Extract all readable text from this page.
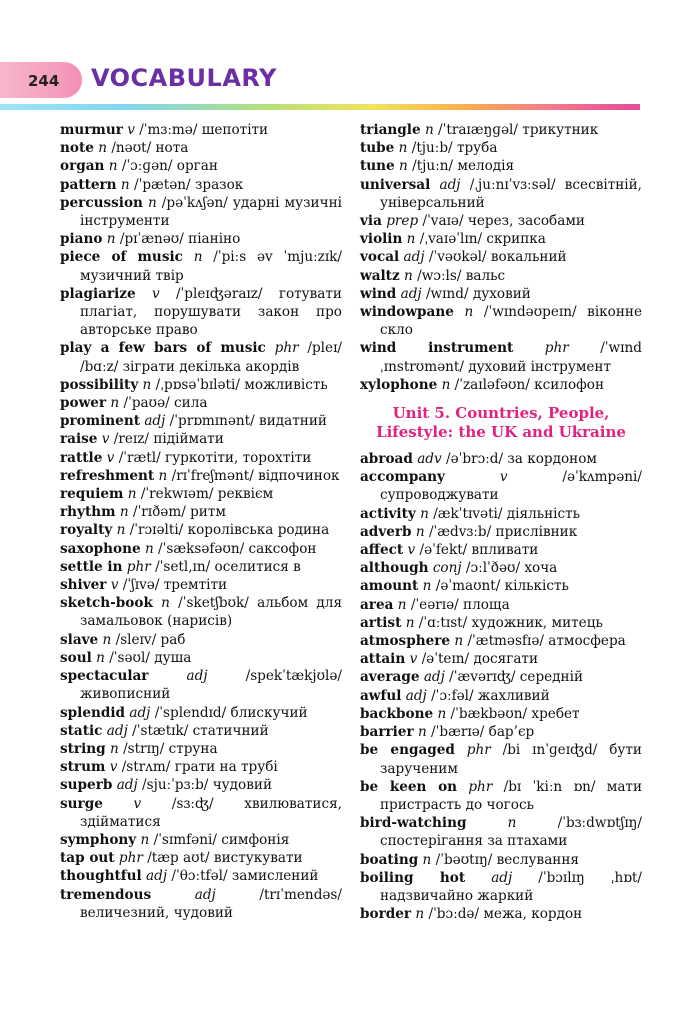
244 VOCABULARY
murmur v /ˈmɜːmə/ шепотіти
note n /nəʊt/ нота
organ n /ˈɔːɡən/ орган
pattern n /ˈpætən/ зразок
percussion n /pəˈkʌʃən/ ударні музичні інструменти
piano n /pɪˈænəʊ/ піаніно
piece of music n /ˈpiːs əv ˈmjuːzɪk/ музичний твір
plagiarize v /ˈpleɪʤəraɪz/ готувати плагіат, порушувати закон про авторське право
play a few bars of music phr /pleɪ/ /bɑːz/ зіграти декілька акордів
possibility n /ˌpɒsəˈbɪləti/ можливість
power n /ˈpaʊə/ сила
prominent adj /ˈprɒmɪnənt/ видатний
raise v /reɪz/ підіймати
rattle v /ˈrætl/ гуркотіти, торохтіти
refreshment n /rɪˈfreʃmənt/ відпочинок
requiem n /ˈrekwɪəm/ реквієм
rhythm n /ˈrɪðəm/ ритм
royalty n /ˈrɔɪəlti/ королівська родина
saxophone n /ˈsæksəfəʊn/ саксофон
settle in phr /ˈsetl,ɪn/ оселитися в
shiver v /ˈʃɪvə/ тремтіти
sketch-book n /ˈsketʃbʊk/ альбом для замальовок (нарисів)
slave n /sleɪv/ раб
soul n /ˈsəʊl/ душа
spectacular	adj	/spekˈtækjʊlə/ живописний
splendid adj /ˈsplendɪd/ блискучий
static adj /ˈstætɪk/ статичний
string n /strɪŋ/ струна
strum v /strʌm/ грати на трубі
superb adj /sjuːˈpɜːb/ чудовий
surge v /sɜːʤ/ хвилюватися, здійматися
symphony n /ˈsɪmfəni/ симфонія
tap out phr /tæp aʊt/ вистукувати
thoughtful adj /ˈθɔːtfəl/ замислений
tremendous	adj	/trɪˈmendəs/ величезний, чудовий
triangle n /ˈtraɪæŋɡəl/ трикутник
tube n /tjuːb/ труба
tune n /tjuːn/ мелодія
universal adj /ˌjuːnɪˈvɜːsəl/ всесвітній, універсальний
via prep /ˈvaɪə/ через, засобами
violin n /ˌvaɪəˈlɪn/ скрипка
vocal adj /ˈvəʊkəl/ вокальний
waltz n /wɔːls/ вальс
wind adj /wɪnd/ духовий
windowpane n /ˈwɪndəʊpeɪn/ віконне скло
wind instrument phr /ˈwɪnd ˌɪnstrʊmənt/ духовий інструмент
xylophone n /ˈzaɪləfəʊn/ ксилофон
Unit 5. Countries, People, Lifestyle: the UK and Ukraine
abroad adv /əˈbrɔːd/ за кордоном
accompany	v	/əˈkʌmpəni/ супроводжувати
activity n /ækˈtɪvəti/ діяльність
adverb n /ˈædvɜːb/ прислівник
affect v /əˈfekt/ впливати
although conj /ɔːlˈðəʊ/ хоча
amount n /əˈmaʊnt/ кількість
area n /ˈeərɪə/ площа
artist n /ˈɑːtɪst/ художник, митець
atmosphere n /ˈætməsfɪə/ атмосфера
attain v /əˈteɪn/ досягати
average adj /ˈævərɪʤ/ середній
awful adj /ˈɔːfəl/ жахливий
backbone n /ˈbækbəʊn/ хребет
barrier n /ˈbærɪə/ бар’єр
be engaged phr /bi ɪnˈɡeɪʤd/ бути зарученим
be keen on phr /bɪ ˈkiːn ɒn/ мати пристрасть до чогось
bird-watching	n	/ˈbɜːdwɒtʃɪŋ/ спостерігання за птахами
boating n /ˈbəʊtɪŋ/ веслування
boiling hot adj /ˈbɔɪlɪŋ ˌhɒt/ надзвичайно жаркий
border n /ˈbɔːdə/ межа, кордон
